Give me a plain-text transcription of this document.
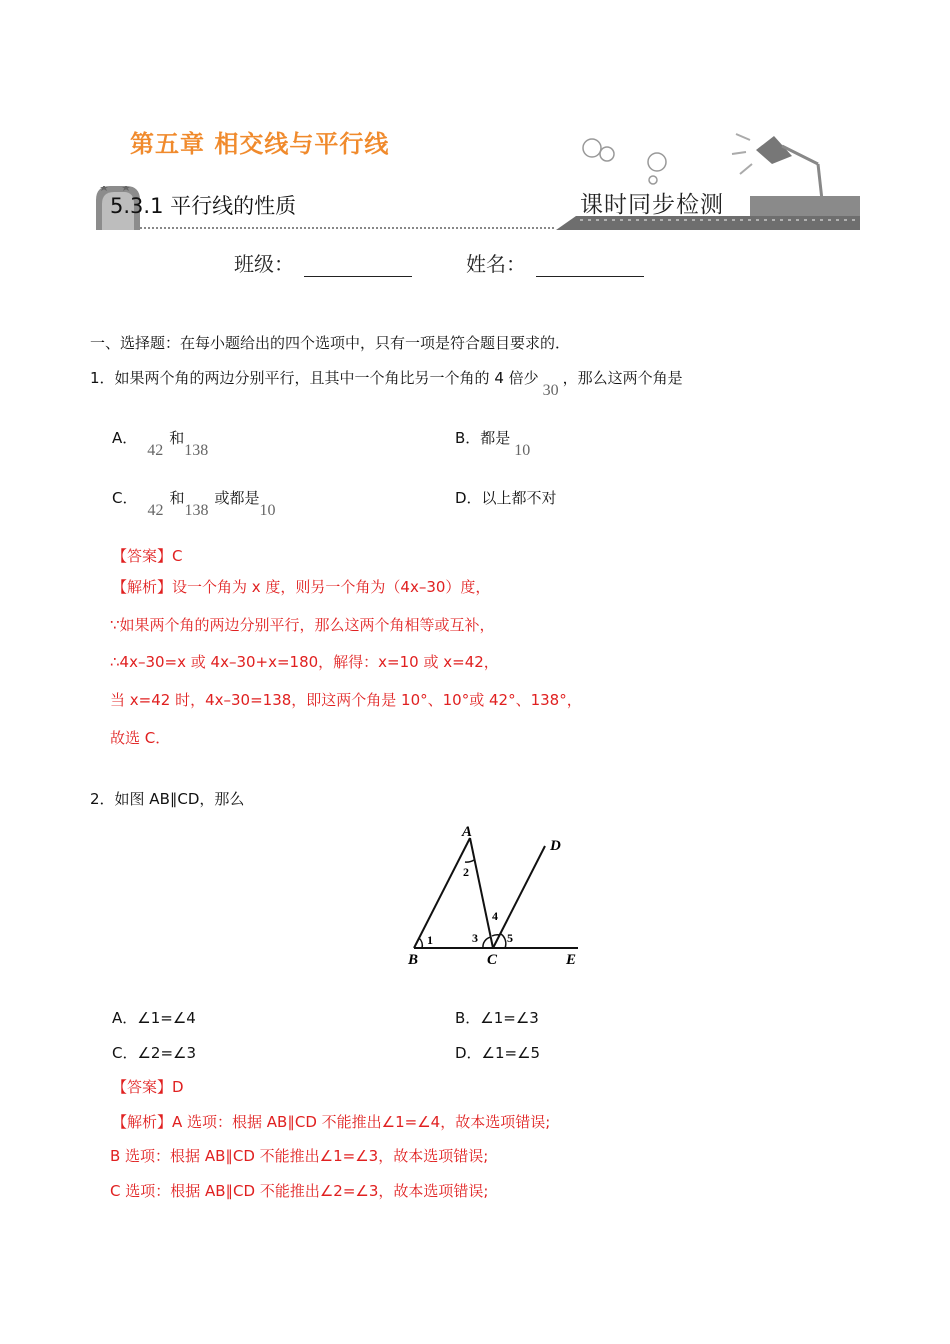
第五章 相交线与平行线
5.3.1 平行线的性质	课时同步检测
班级：	姓名：
一、选择题：在每小题给出的四个选项中，只有一项是符合题目要求的．
1．如果两个角的两边分别平行，且其中一个角比另一个角的 4 倍少30，那么这两个角是
A．42和138
B．都是10
C．42和138或都是10
D．以上都不对
【答案】C
【解析】设一个角为 x 度，则另一个角为（4x–30）度，
∵如果两个角的两边分别平行，那么这两个角相等或互补，
∴4x–30=x 或 4x–30+x=180，解得：x=10 或 x=42，
当 x=42 时，4x–30=138，即这两个角是 10°、10°或 42°、138°，
故选 C．
2．如图 AB∥CD，那么
A
B	C
D
E
1
2
3
4
5
A．∠1=∠4	B．∠1=∠3
C．∠2=∠3	D．∠1=∠5
【答案】D
【解析】A 选项：根据 AB∥CD 不能推出∠1=∠4，故本选项错误;
B 选项：根据 AB∥CD 不能推出∠1=∠3，故本选项错误;
C 选项：根据 AB∥CD 不能推出∠2=∠3，故本选项错误;
